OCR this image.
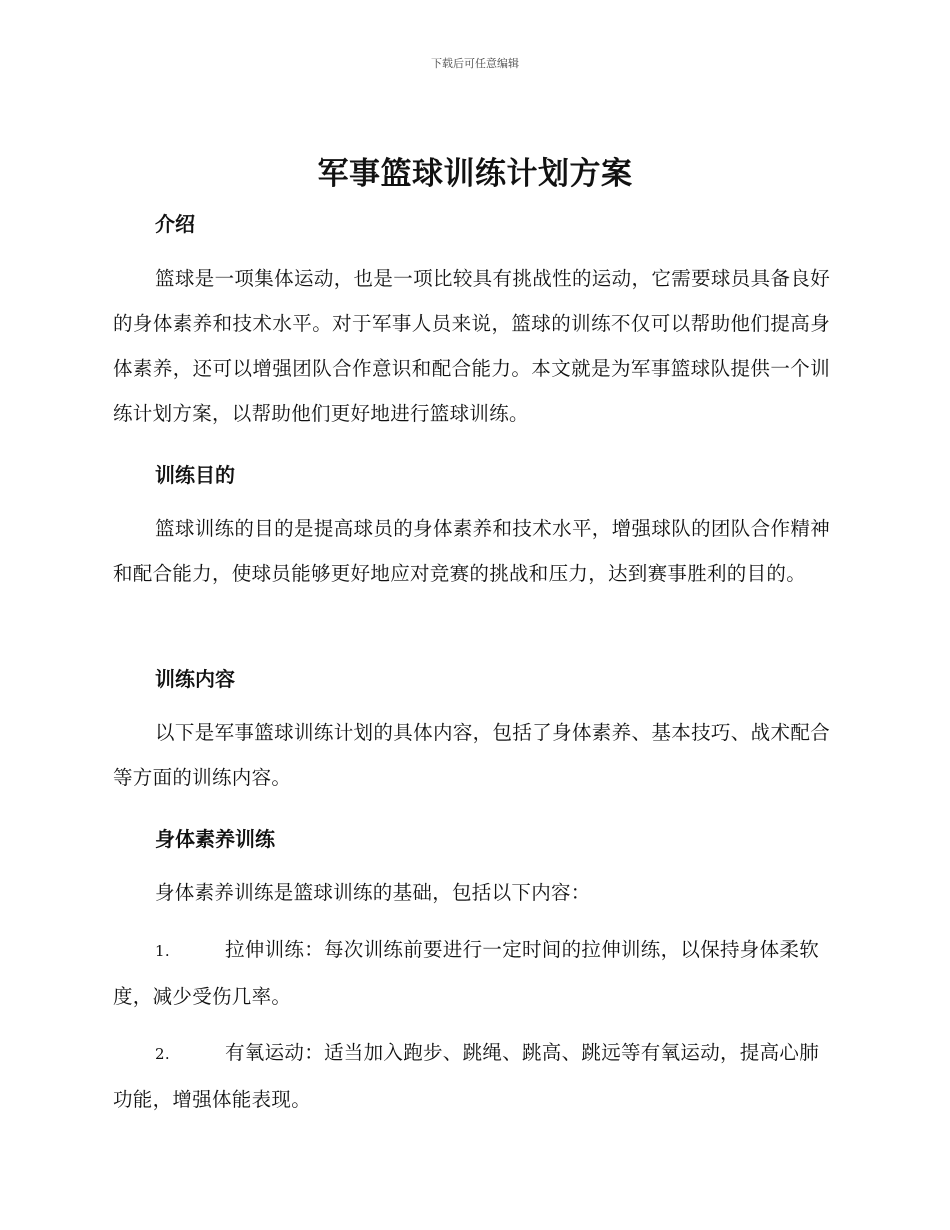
下载后可任意编辑
军事篮球训练计划方案
介绍
篮球是一项集体运动，也是一项比较具有挑战性的运动，它需要球员具备良好的身体素养和技术水平。对于军事人员来说，篮球的训练不仅可以帮助他们提高身体素养，还可以增强团队合作意识和配合能力。本文就是为军事篮球队提供一个训练计划方案，以帮助他们更好地进行篮球训练。
训练目的
篮球训练的目的是提高球员的身体素养和技术水平，增强球队的团队合作精神和配合能力，使球员能够更好地应对竞赛的挑战和压力，达到赛事胜利的目的。
训练内容
以下是军事篮球训练计划的具体内容，包括了身体素养、基本技巧、战术配合等方面的训练内容。
身体素养训练
身体素养训练是篮球训练的基础，包括以下内容：
1.	拉伸训练：每次训练前要进行一定时间的拉伸训练，以保持身体柔软度，减少受伤几率。
2.	有氧运动：适当加入跑步、跳绳、跳高、跳远等有氧运动，提高心肺功能，增强体能表现。
